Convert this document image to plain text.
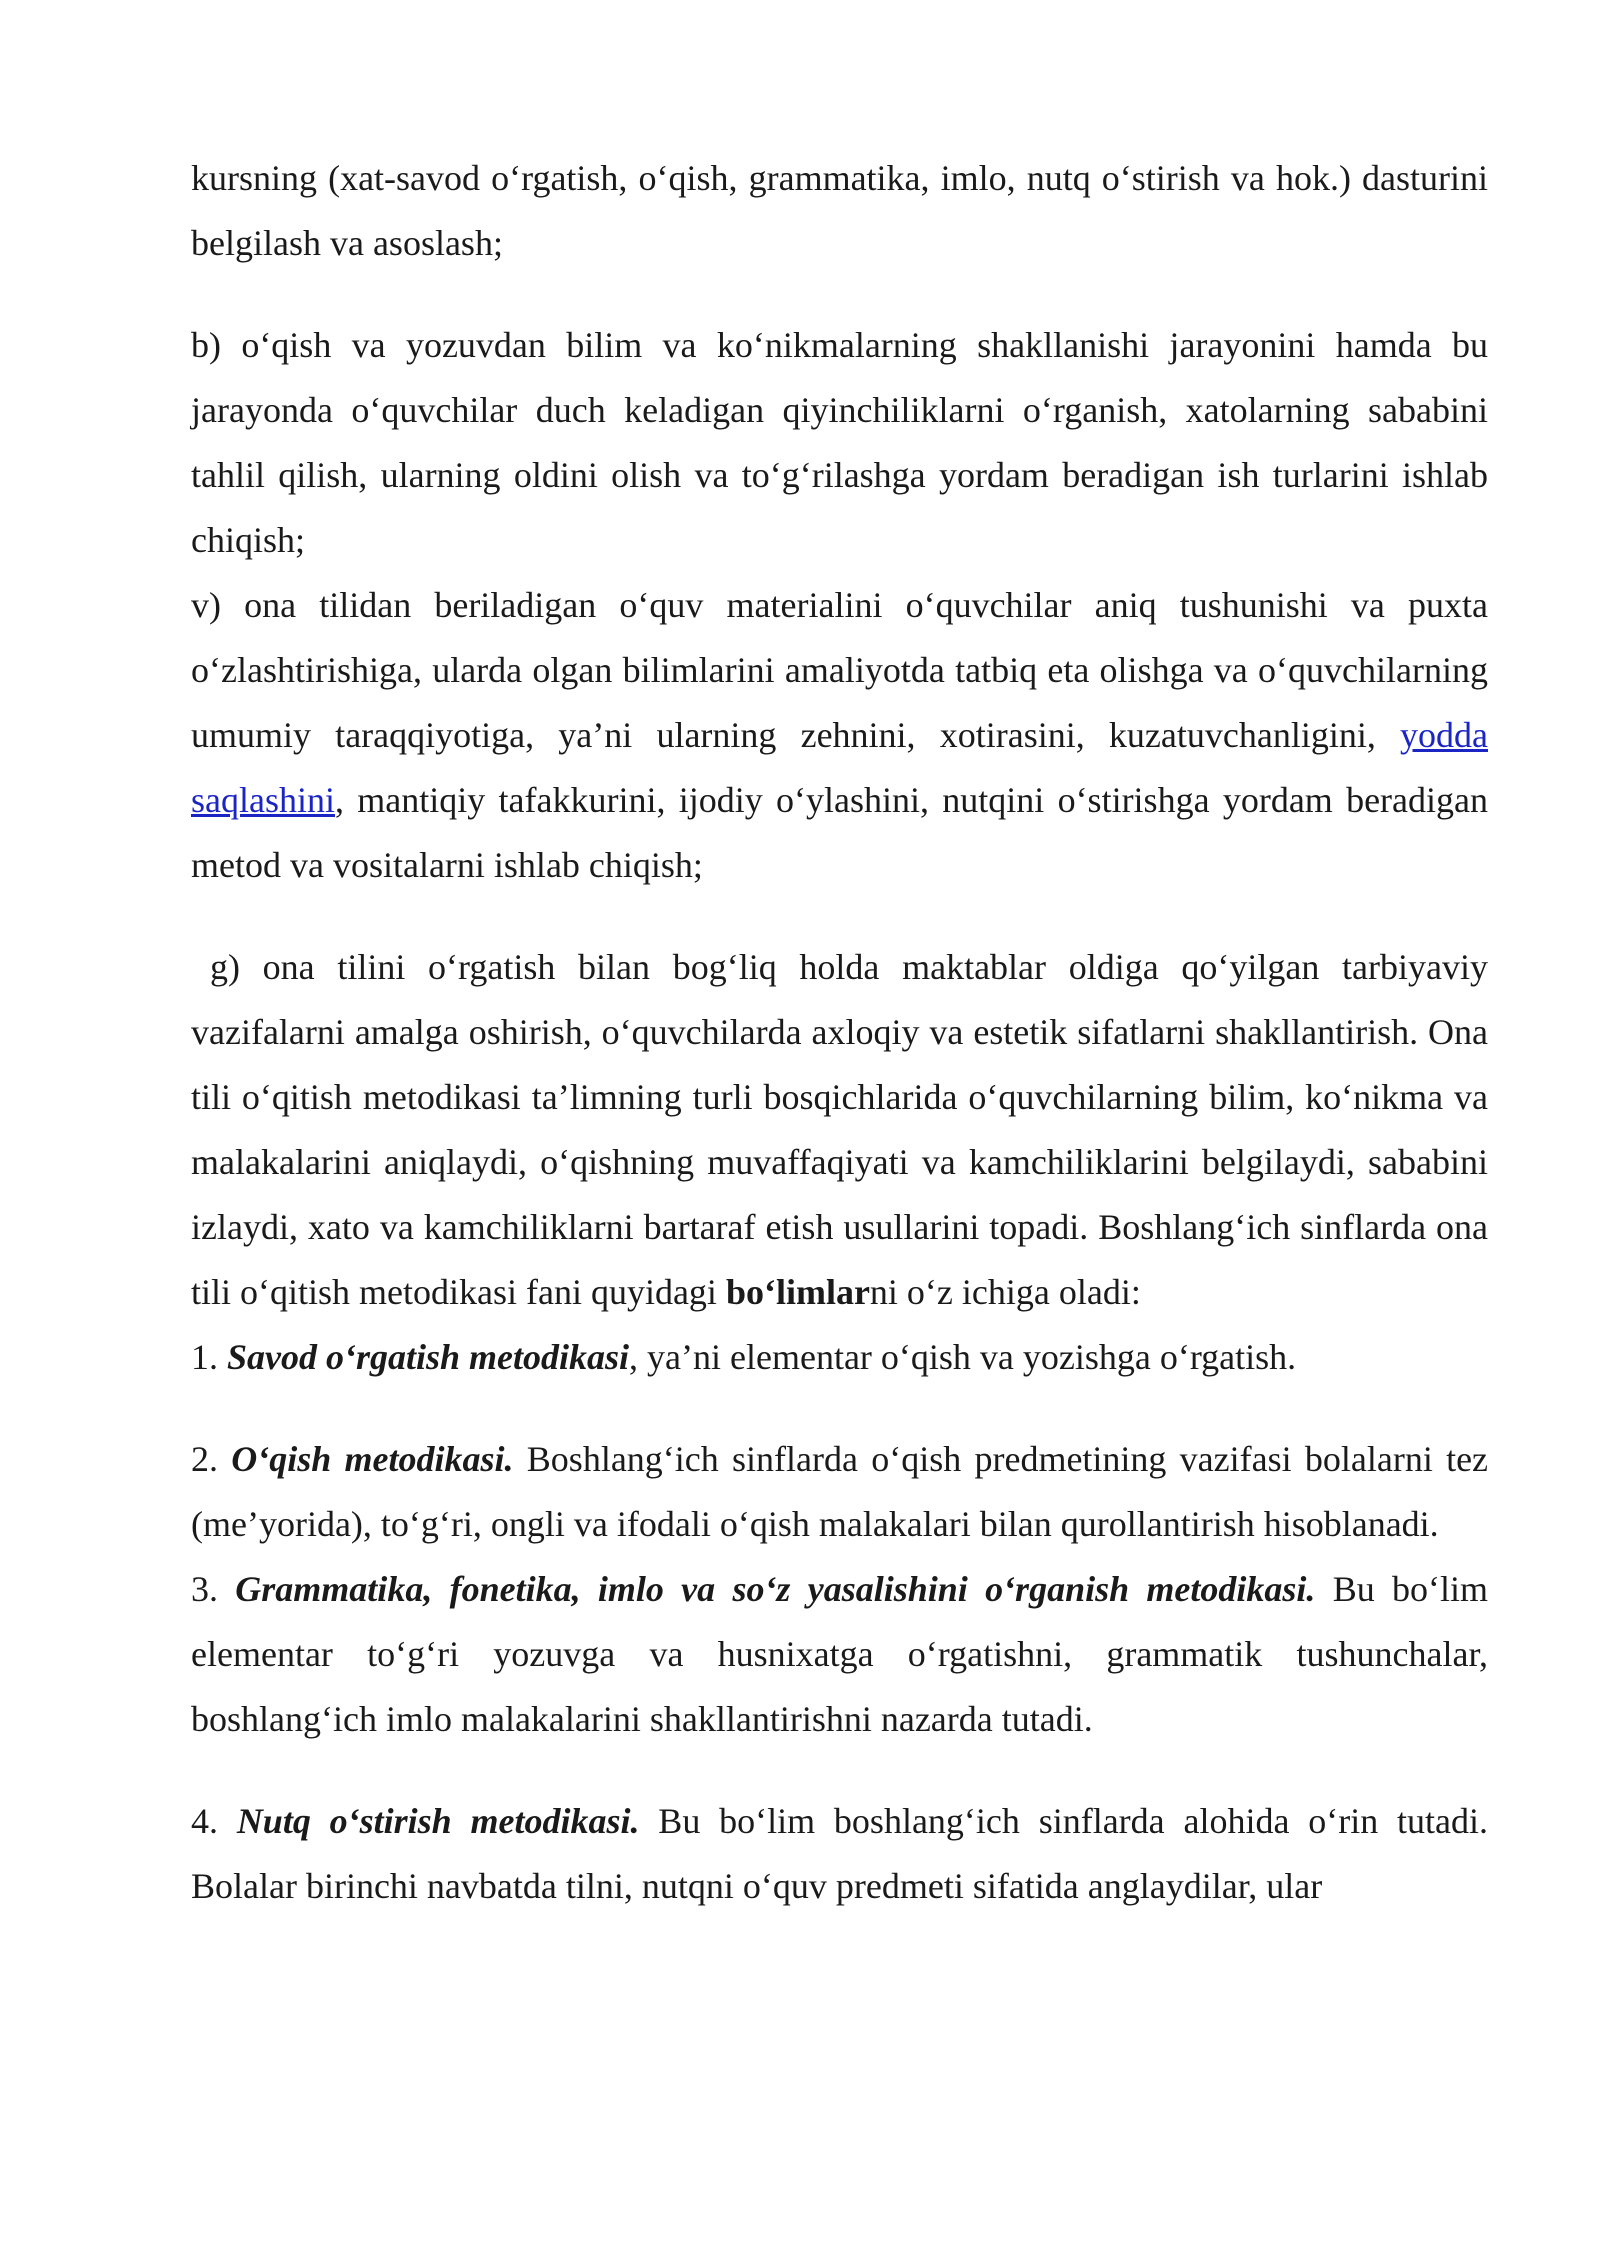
kursning (xat-savod o‘rgatish, o‘qish, grammatika, imlo, nutq o‘stirish va hok.) dasturini belgilash va asoslash;

b) o‘qish va yozuvdan bilim va ko‘nikmalarning shakllanishi jarayonini hamda bu jarayonda o‘quvchilar duch keladigan qiyinchiliklarni o‘rganish, xatolarning sababini tahlil qilish, ularning oldini olish va to‘g‘rilashga yordam beradigan ish turlarini ishlab chiqish;

v) ona tilidan beriladigan o‘quv materialini o‘quvchilar aniq tushunishi va puxta o‘zlashtirishiga, ularda olgan bilimlarini amaliyotda tatbiq eta olishga va o‘quvchilarning umumiy taraqqiyotiga, ya’ni ularning zehnini, xotirasini, kuzatuvchanligini, yodda saqlashini, mantiqiy tafakkurini, ijodiy o‘ylashini, nutqini o‘stirishga yordam beradigan metod va vositalarni ishlab chiqish;

g) ona tilini o‘rgatish bilan bog‘liq holda maktablar oldiga qo‘yilgan tarbiyaviy vazifalarni amalga oshirish, o‘quvchilarda axloqiy va estetik sifatlarni shakllantirish. Ona tili o‘qitish metodikasi ta’limning turli bosqichlarida o‘quvchilarning bilim, ko‘nikma va malakalarini aniqlaydi, o‘qishning muvaffaqiyati va kamchiliklarini belgilaydi, sababini izlaydi, xato va kamchiliklarni bartaraf etish usullarini topadi. Boshlang‘ich sinflarda ona tili o‘qitish metodikasi fani quyidagi bo‘limlarni o‘z ichiga oladi:

1. Savod o‘rgatish metodikasi, ya’ni elementar o‘qish va yozishga o‘rgatish.

2. O‘qish metodikasi. Boshlang‘ich sinflarda o‘qish predmetining vazifasi bolalarni tez (me’yorida), to‘g‘ri, ongli va ifodali o‘qish malakalari bilan qurollantirish hisoblanadi.

3. Grammatika, fonetika, imlo va so‘z yasalishini o‘rganish metodikasi. Bu bo‘lim elementar to‘g‘ri yozuvga va husnixatga o‘rgatishni, grammatik tushunchalar, boshlang‘ich imlo malakalarini shakllantirishni nazarda tutadi.

4. Nutq o‘stirish metodikasi. Bu bo‘lim boshlang‘ich sinflarda alohida o‘rin tutadi. Bolalar birinchi navbatda tilni, nutqni o‘quv predmeti sifatida anglaydilar, ular
